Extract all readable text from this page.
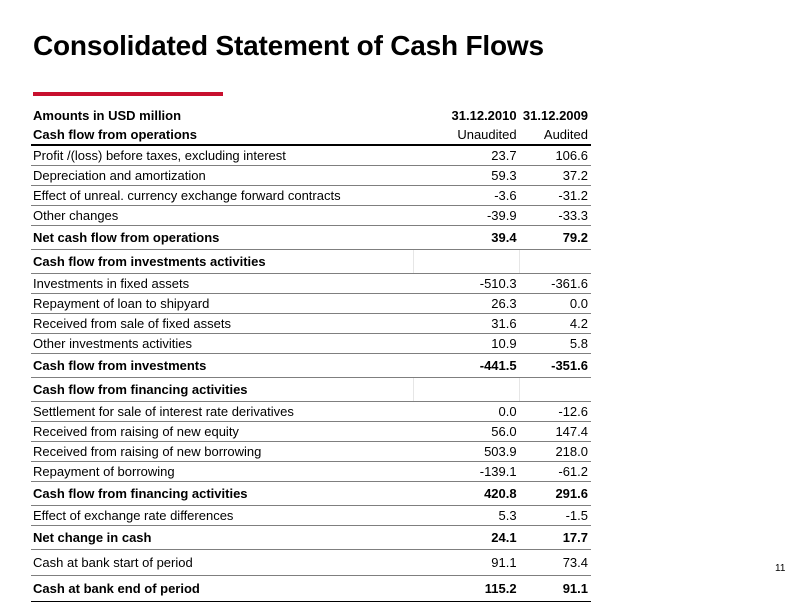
Consolidated Statement of Cash Flows
Amounts in USD million	31.12.2010	31.12.2009
Cash flow from operations	Unaudited	Audited
Profit /(loss) before taxes, excluding interest	23.7	106.6
Depreciation and amortization	59.3	37.2
Effect of unreal. currency exchange forward contracts	-3.6	-31.2
Other changes	-39.9	-33.3
Net cash flow from operations	39.4	79.2
Cash flow from investments activities		
Investments in fixed assets	-510.3	-361.6
Repayment of loan to shipyard	26.3	0.0
Received from sale of fixed assets	31.6	4.2
Other investments activities	10.9	5.8
Cash flow from investments	-441.5	-351.6
Cash flow from financing activities		
Settlement for sale of interest rate derivatives	0.0	-12.6
Received from raising of new equity	56.0	147.4
Received from raising of new borrowing	503.9	218.0
Repayment of borrowing	-139.1	-61.2
Cash flow from financing activities	420.8	291.6
Effect of exchange rate differences	5.3	-1.5
Net change in cash	24.1	17.7
Cash at bank start of period	91.1	73.4
Cash at bank end of period	115.2	91.1
11
